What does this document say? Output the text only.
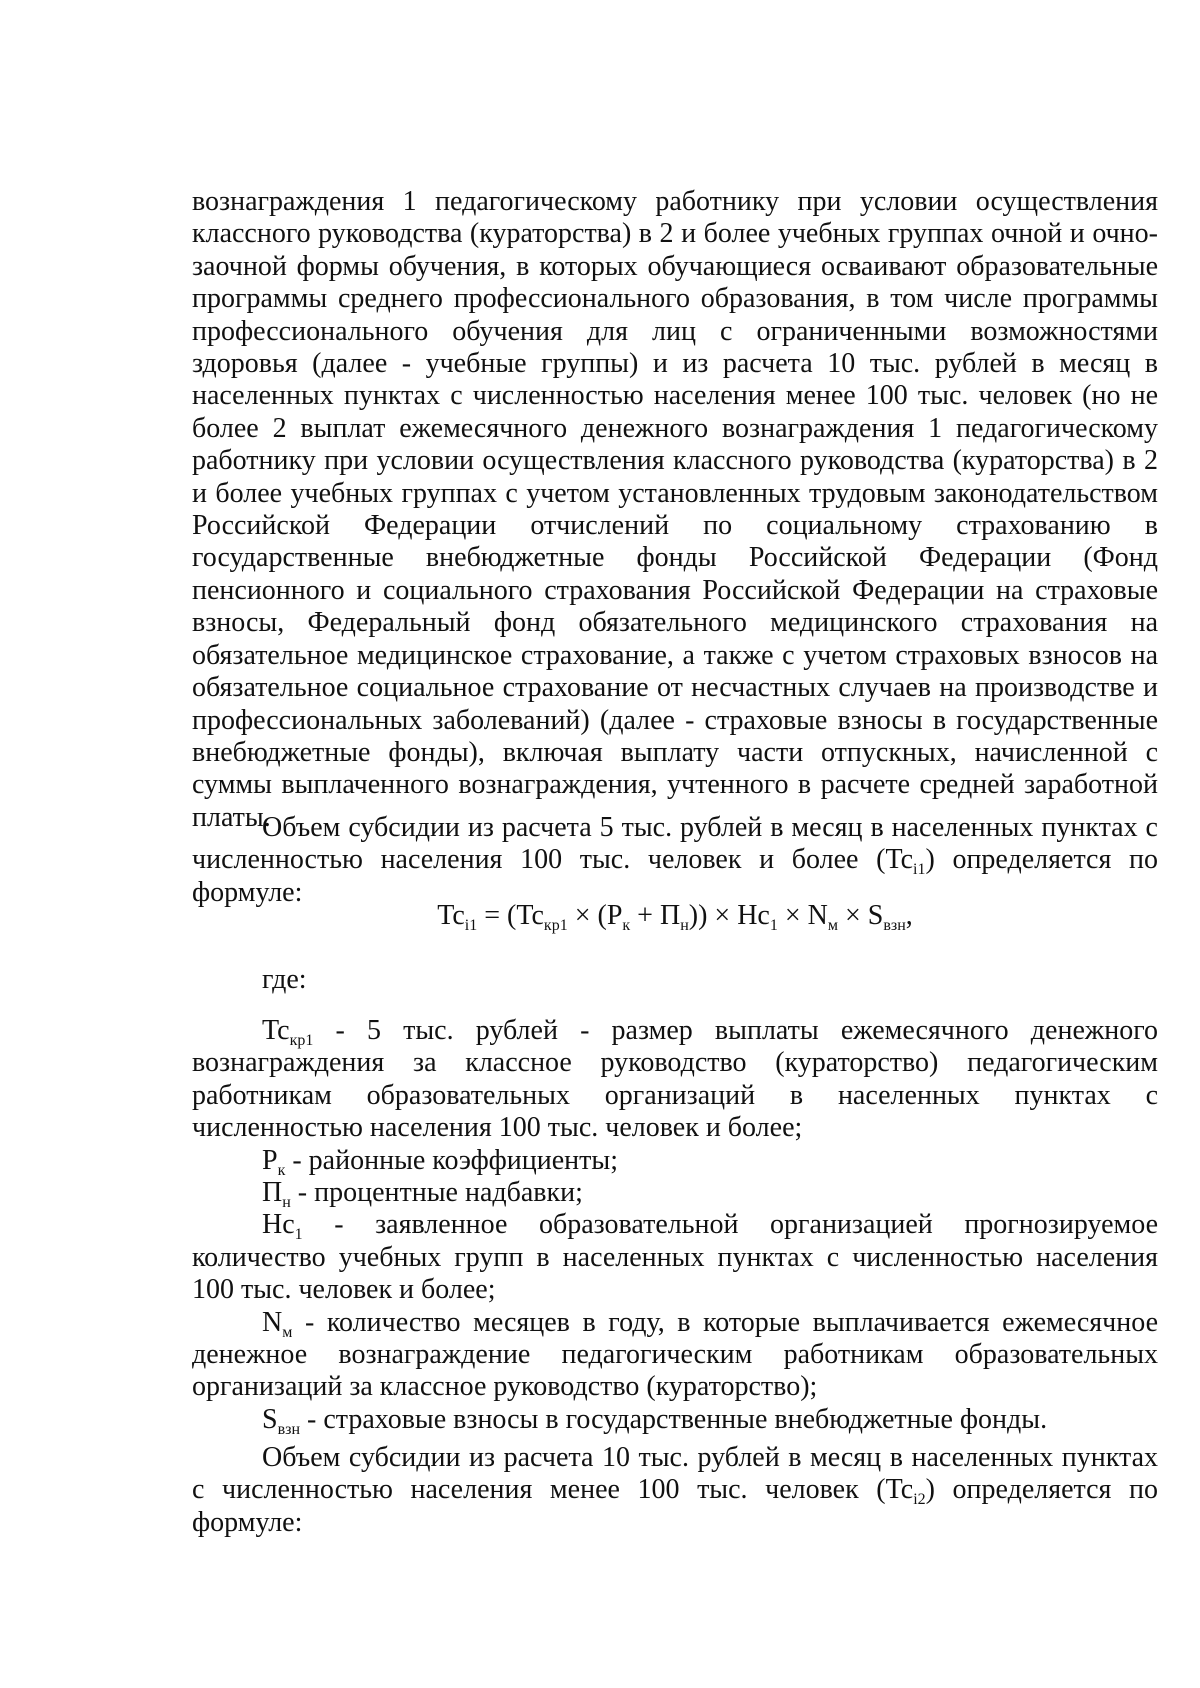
вознаграждения 1 педагогическому работнику при условии осуществления классного руководства (кураторства) в 2 и более учебных группах очной и очно-заочной формы обучения, в которых обучающиеся осваивают образовательные программы среднего профессионального образования, в том числе программы профессионального обучения для лиц с ограниченными возможностями здоровья (далее - учебные группы) и из расчета 10 тыс. рублей в месяц в населенных пунктах с численностью населения менее 100 тыс. человек (но не более 2 выплат ежемесячного денежного вознаграждения 1 педагогическому работнику при условии осуществления классного руководства (кураторства) в 2 и более учебных группах с учетом установленных трудовым законодательством Российской Федерации отчислений по социальному страхованию в государственные внебюджетные фонды Российской Федерации (Фонд пенсионного и социального страхования Российской Федерации на страховые взносы, Федеральный фонд обязательного медицинского страхования на обязательное медицинское страхование, а также с учетом страховых взносов на обязательное социальное страхование от несчастных случаев на производстве и профессиональных заболеваний) (далее - страховые взносы в государственные внебюджетные фонды), включая выплату части отпускных, начисленной с суммы выплаченного вознаграждения, учтенного в расчете средней заработной платы.

Объем субсидии из расчета 5 тыс. рублей в месяц в населенных пунктах с численностью населения 100 тыс. человек и более $(Tc_{i1})$ определяется по формуле:

$Tc_{i1} = (Tc_{кр1} \times (P_к + П_н)) \times Hc_1 \times N_м \times S_{взн}$,

где:

$Tc_{кр1} - 5$ тыс. рублей - размер выплаты ежемесячного денежного вознаграждения за классное руководство (кураторство) педагогическим работникам образовательных организаций в населенных пунктах с численностью населения 100 тыс. человек и более;

$P_к$ - районные коэффициенты;

$П_н$ - процентные надбавки;

$Hc_1$ - заявленное образовательной организацией прогнозируемое количество учебных групп в населенных пунктах с численностью населения 100 тыс. человек и более;

$N_м$ - количество месяцев в году, в которые выплачивается ежемесячное денежное вознаграждение педагогическим работникам образовательных организаций за классное руководство (кураторство);

$S_{взн}$ - страховые взносы в государственные внебюджетные фонды.

Объем субсидии из расчета 10 тыс. рублей в месяц в населенных пунктах с численностью населения менее 100 тыс. человек $(Tc_{i2})$ определяется по формуле:
